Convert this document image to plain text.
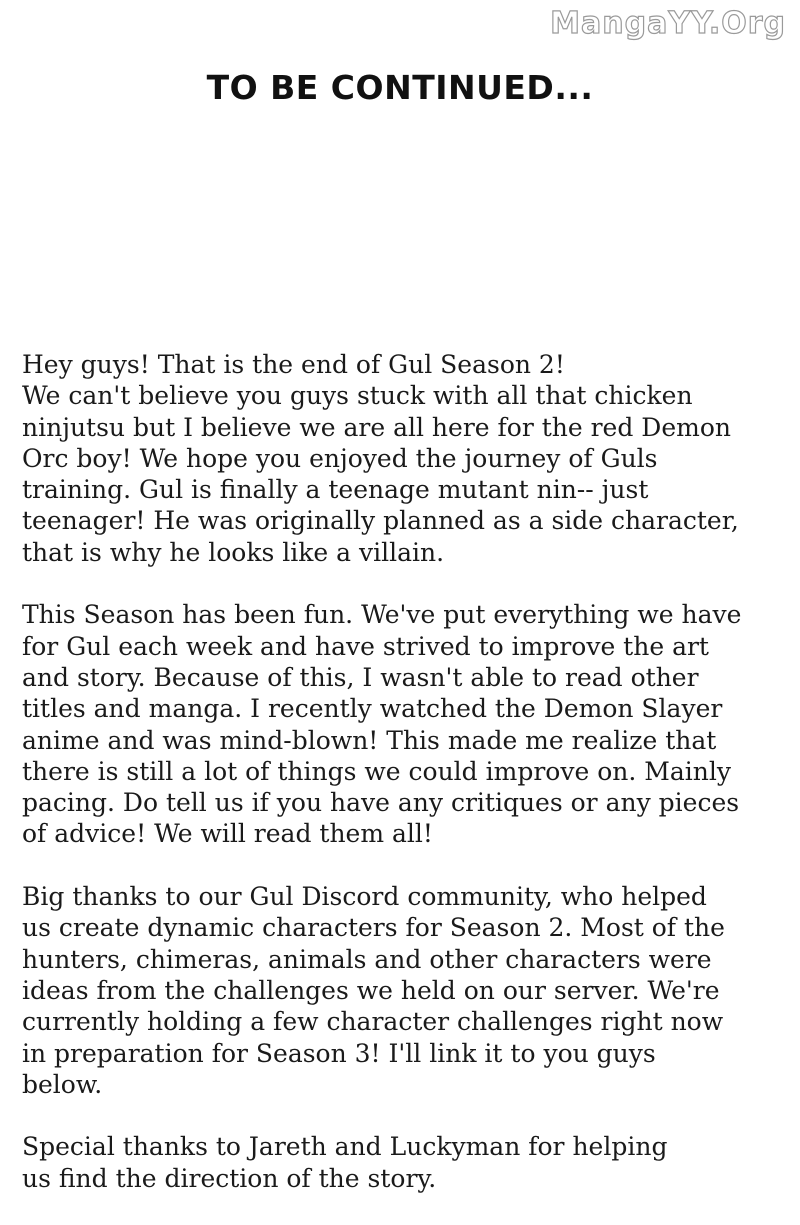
MangaYY.Org
TO BE CONTINUED...

Hey guys! That is the end of Gul Season 2!
We can't believe you guys stuck with all that chicken
ninjutsu but I believe we are all here for the red Demon
Orc boy! We hope you enjoyed the journey of Guls
training. Gul is finally a teenage mutant nin-- just
teenager! He was originally planned as a side character,
that is why he looks like a villain.

This Season has been fun. We've put everything we have
for Gul each week and have strived to improve the art
and story. Because of this, I wasn't able to read other
titles and manga. I recently watched the Demon Slayer
anime and was mind-blown! This made me realize that
there is still a lot of things we could improve on. Mainly
pacing. Do tell us if you have any critiques or any pieces
of advice! We will read them all!

Big thanks to our Gul Discord community, who helped
us create dynamic characters for Season 2. Most of the
hunters, chimeras, animals and other characters were
ideas from the challenges we held on our server. We're
currently holding a few character challenges right now
in preparation for Season 3! I'll link it to you guys
below.

Special thanks to Jareth and Luckyman for helping
us find the direction of the story.
